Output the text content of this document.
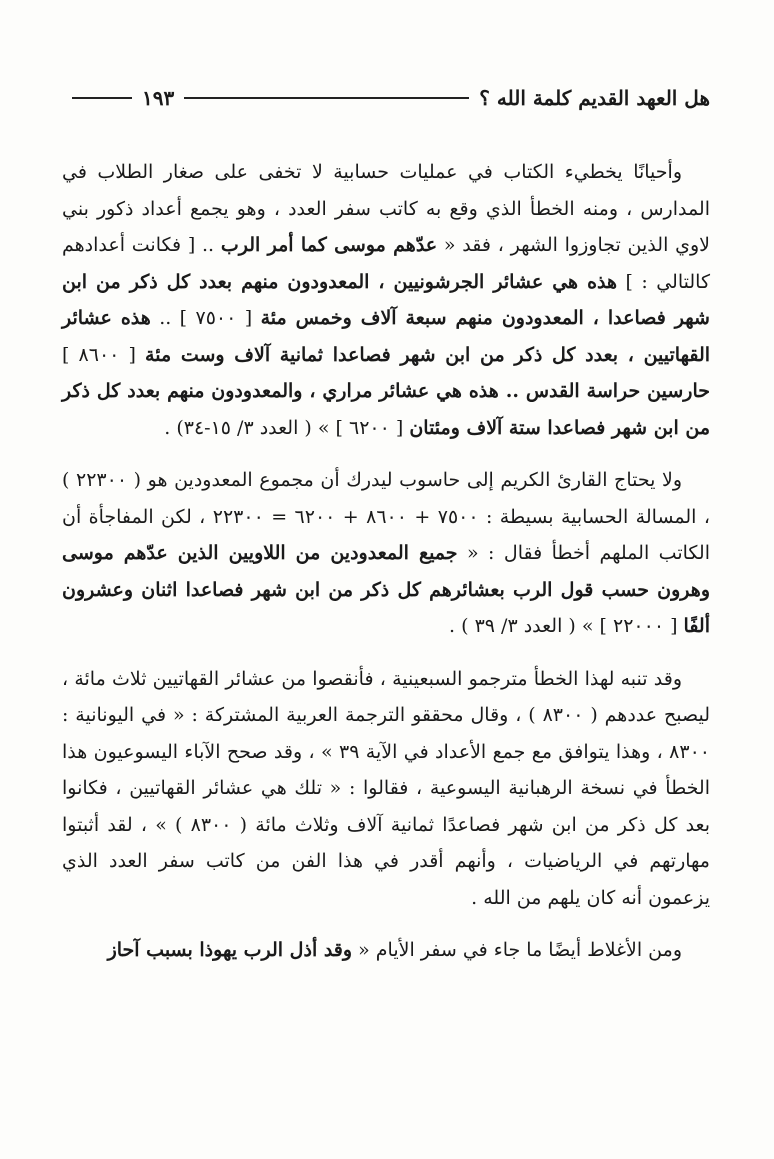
هل العهد القديم كلمة الله ؟
١٩٣

وأحيانًا يخطيء الكتاب في عمليات حسابية لا تخفى على صغار الطلاب في المدارس ، ومنه الخطأ الذي وقع به كاتب سفر العدد ، وهو يجمع أعداد ذكور بني لاوي الذين تجاوزوا الشهر ، فقد « عدّهم موسى كما أمر الرب .. [ فكانت أعدادهم كالتالي : ] هذه هي عشائر الجرشونيين ، المعدودون منهم بعدد كل ذكر من ابن شهر فصاعدا ، المعدودون منهم سبعة آلاف وخمس مئة [ ٧٥٠٠ ] .. هذه عشائر القهاتيين ، بعدد كل ذكر من ابن شهر فصاعدا ثمانية آلاف وست مئة [ ٨٦٠٠ ] حارسين حراسة القدس .. هذه هي عشائر مراري ، والمعدودون منهم بعدد كل ذكر من ابن شهر فصاعدا ستة آلاف ومئتان [ ٦٢٠٠ ] » ( العدد ٣/ ١٥-٣٤) .

ولا يحتاج القارئ الكريم إلى حاسوب ليدرك أن مجموع المعدودين هو ( ٢٢٣٠٠ ) ، المسالة الحسابية بسيطة : ٧٥٠٠ + ٨٦٠٠ + ٦٢٠٠ = ٢٢٣٠٠ ، لكن المفاجأة أن الكاتب الملهم أخطأ فقال : « جميع المعدودين من اللاويين الذين عدّهم موسى وهرون حسب قول الرب بعشائرهم كل ذكر من ابن شهر فصاعدا اثنان وعشرون ألفًا [ ٢٢٠٠٠ ] » ( العدد ٣/ ٣٩ ) .

وقد تنبه لهذا الخطأ مترجمو السبعينية ، فأنقصوا من عشائر القهاتيين ثلاث مائة ، ليصبح عددهم ( ٨٣٠٠ ) ، وقال محققو الترجمة العربية المشتركة : « في اليونانية : ٨٣٠٠ ، وهذا يتوافق مع جمع الأعداد في الآية ٣٩ » ، وقد صحح الآباء اليسوعيون هذا الخطأ في نسخة الرهبانية اليسوعية ، فقالوا : « تلك هي عشائر القهاتيين ، فكانوا بعد كل ذكر من ابن شهر فصاعدًا ثمانية آلاف وثلاث مائة ( ٨٣٠٠ ) » ، لقد أثبتوا مهارتهم في الرياضيات ، وأنهم أقدر في هذا الفن من كاتب سفر العدد الذي يزعمون أنه كان يلهم من الله .

ومن الأغلاط أيضًا ما جاء في سفر الأيام « وقد أذل الرب يهوذا بسبب آحاز
